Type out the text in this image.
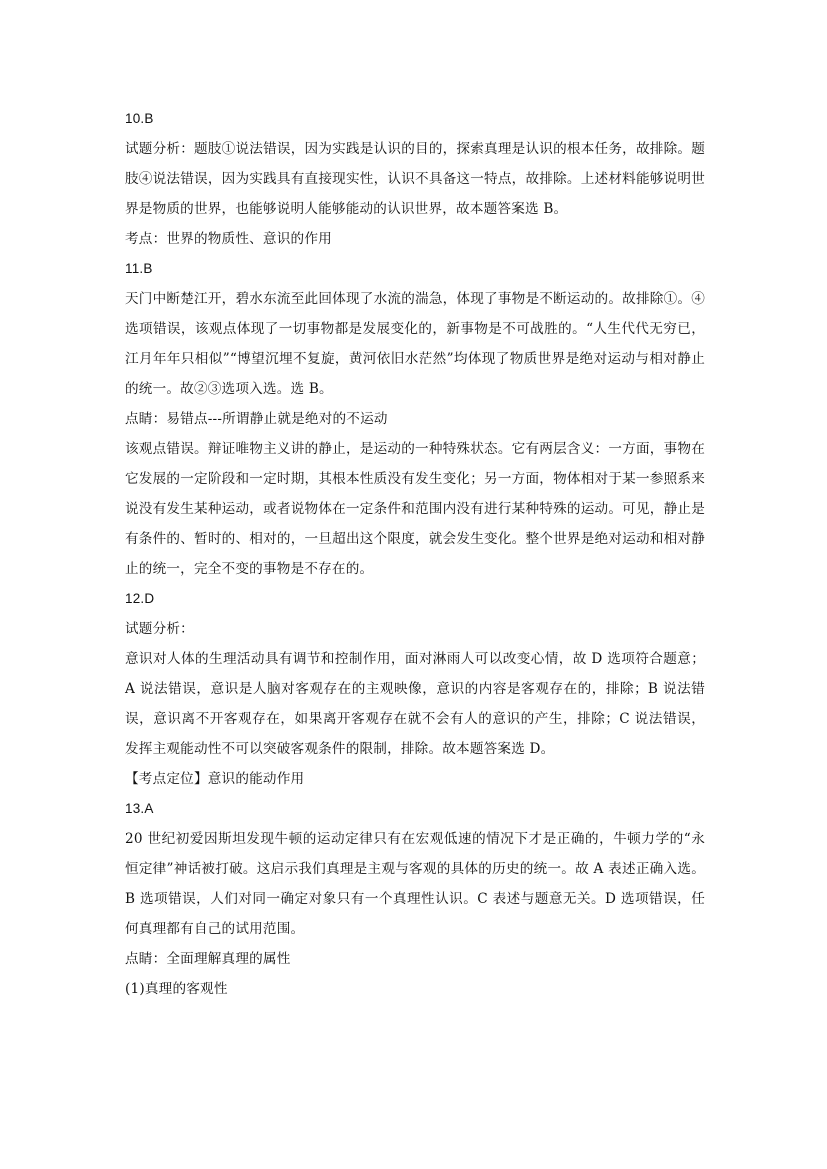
10.B

试题分析：题肢①说法错误，因为实践是认识的目的，探索真理是认识的根本任务，故排除。题肢④说法错误，因为实践具有直接现实性，认识不具备这一特点，故排除。上述材料能够说明世界是物质的世界，也能够说明人能够能动的认识世界，故本题答案选 B。

考点：世界的物质性、意识的作用

11.B

天门中断楚江开，碧水东流至此回体现了水流的湍急，体现了事物是不断运动的。故排除①。④选项错误，该观点体现了一切事物都是发展变化的，新事物是不可战胜的。“人生代代无穷已，江月年年只相似”“博望沉埋不复旋，黄河依旧水茫然”均体现了物质世界是绝对运动与相对静止的统一。故②③选项入选。选 B。

点睛：易错点---所谓静止就是绝对的不运动

该观点错误。辩证唯物主义讲的静止，是运动的一种特殊状态。它有两层含义：一方面，事物在它发展的一定阶段和一定时期，其根本性质没有发生变化；另一方面，物体相对于某一参照系来说没有发生某种运动，或者说物体在一定条件和范围内没有进行某种特殊的运动。可见，静止是有条件的、暂时的、相对的，一旦超出这个限度，就会发生变化。整个世界是绝对运动和相对静止的统一，完全不变的事物是不存在的。

12.D

试题分析：

意识对人体的生理活动具有调节和控制作用，面对淋雨人可以改变心情，故 D 选项符合题意；A 说法错误，意识是人脑对客观存在的主观映像，意识的内容是客观存在的，排除；B 说法错误，意识离不开客观存在，如果离开客观存在就不会有人的意识的产生，排除；C 说法错误，发挥主观能动性不可以突破客观条件的限制，排除。故本题答案选 D。

【考点定位】意识的能动作用

13.A

20 世纪初爱因斯坦发现牛顿的运动定律只有在宏观低速的情况下才是正确的，牛顿力学的“永恒定律”神话被打破。这启示我们真理是主观与客观的具体的历史的统一。故 A 表述正确入选。B 选项错误，人们对同一确定对象只有一个真理性认识。C 表述与题意无关。D 选项错误，任何真理都有自己的试用范围。

点睛：全面理解真理的属性

(1)真理的客观性
